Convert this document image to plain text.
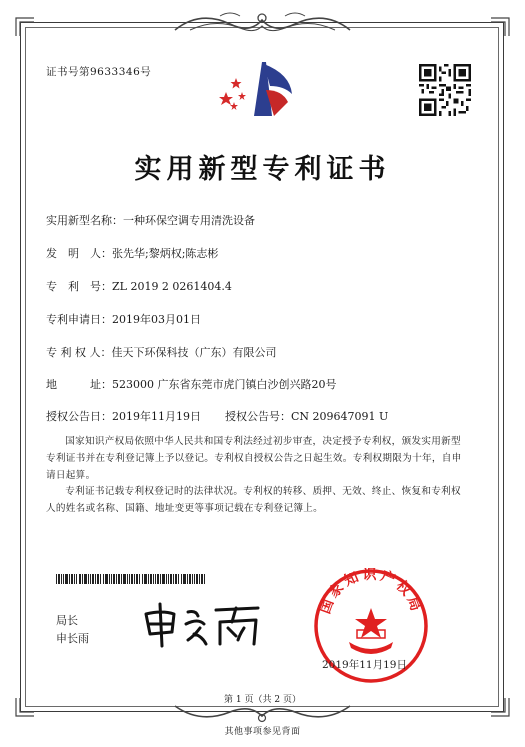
证书号第9633346号
实用新型专利证书
实用新型名称：一种环保空调专用清洗设备
发　明　人：张先华;黎炳权;陈志彬
专　利　号：ZL 2019 2 0261404.4
专利申请日：2019年03月01日
专 利 权 人：佳天下环保科技（广东）有限公司
地　　　址：523000 广东省东莞市虎门镇白沙创兴路20号
授权公告日：2019年11月19日 授权公告号：CN 209647091 U
国家知识产权局依照中华人民共和国专利法经过初步审查，决定授予专利权，颁发实用新型专利证书并在专利登记簿上予以登记。专利权自授权公告之日起生效。专利权期限为十年，自申请日起算。
专利证书记载专利权登记时的法律状况。专利权的转移、质押、无效、终止、恢复和专利权人的姓名或名称、国籍、地址变更等事项记载在专利登记簿上。
局长
申长雨
国家知识产权局
2019年11月19日
第 1 页（共 2 页）
其他事项参见背面
